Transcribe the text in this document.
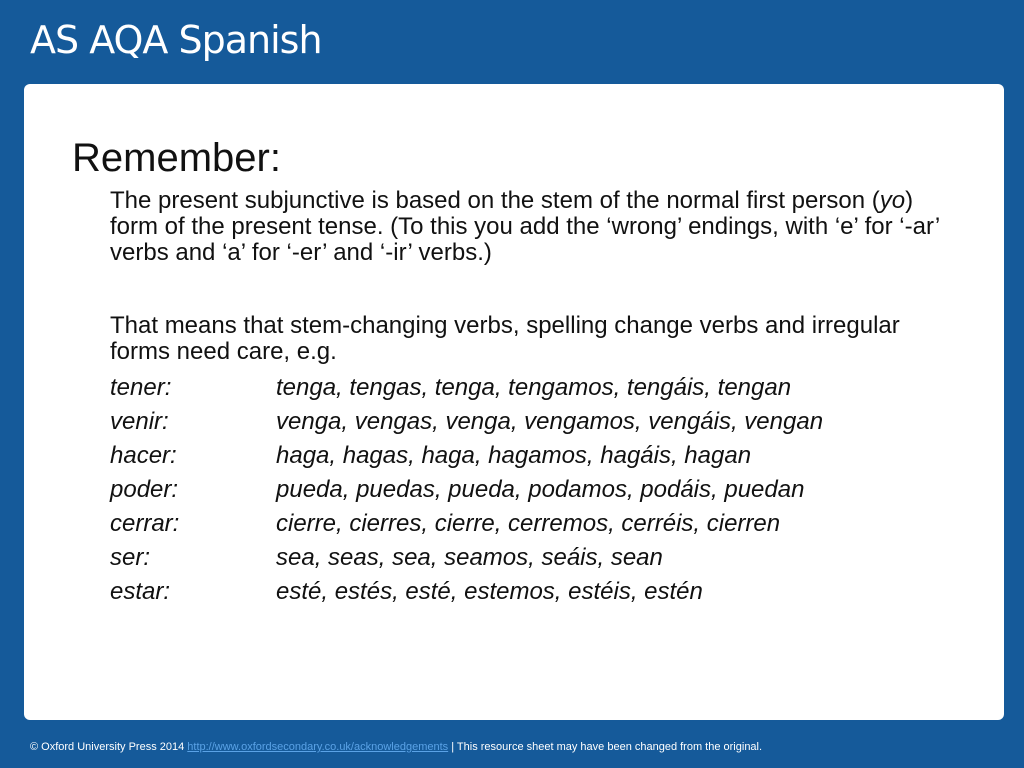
AS AQA Spanish
Remember:
The present subjunctive is based on the stem of the normal first person (yo) form of the present tense. (To this you add the ‘wrong’ endings, with ‘e’ for ‘-ar’ verbs and ‘a’ for ‘-er’ and ‘-ir’ verbs.)
That means that stem-changing verbs, spelling change verbs and irregular forms need care, e.g.
tener:	tenga, tengas, tenga, tengamos, tengáis, tengan
venir:	venga, vengas, venga, vengamos, vengáis, vengan
hacer:	haga, hagas, haga, hagamos, hagáis, hagan
poder:	pueda, puedas, pueda, podamos, podáis, puedan
cerrar:	cierre, cierres, cierre, cerremos, cerréis, cierren
ser:	sea, seas, sea, seamos, seáis, sean
estar:	esté, estés, esté, estemos, estéis, estén
© Oxford University Press 2014 http://www.oxfordsecondary.co.uk/acknowledgements | This resource sheet may have been changed from the original.
